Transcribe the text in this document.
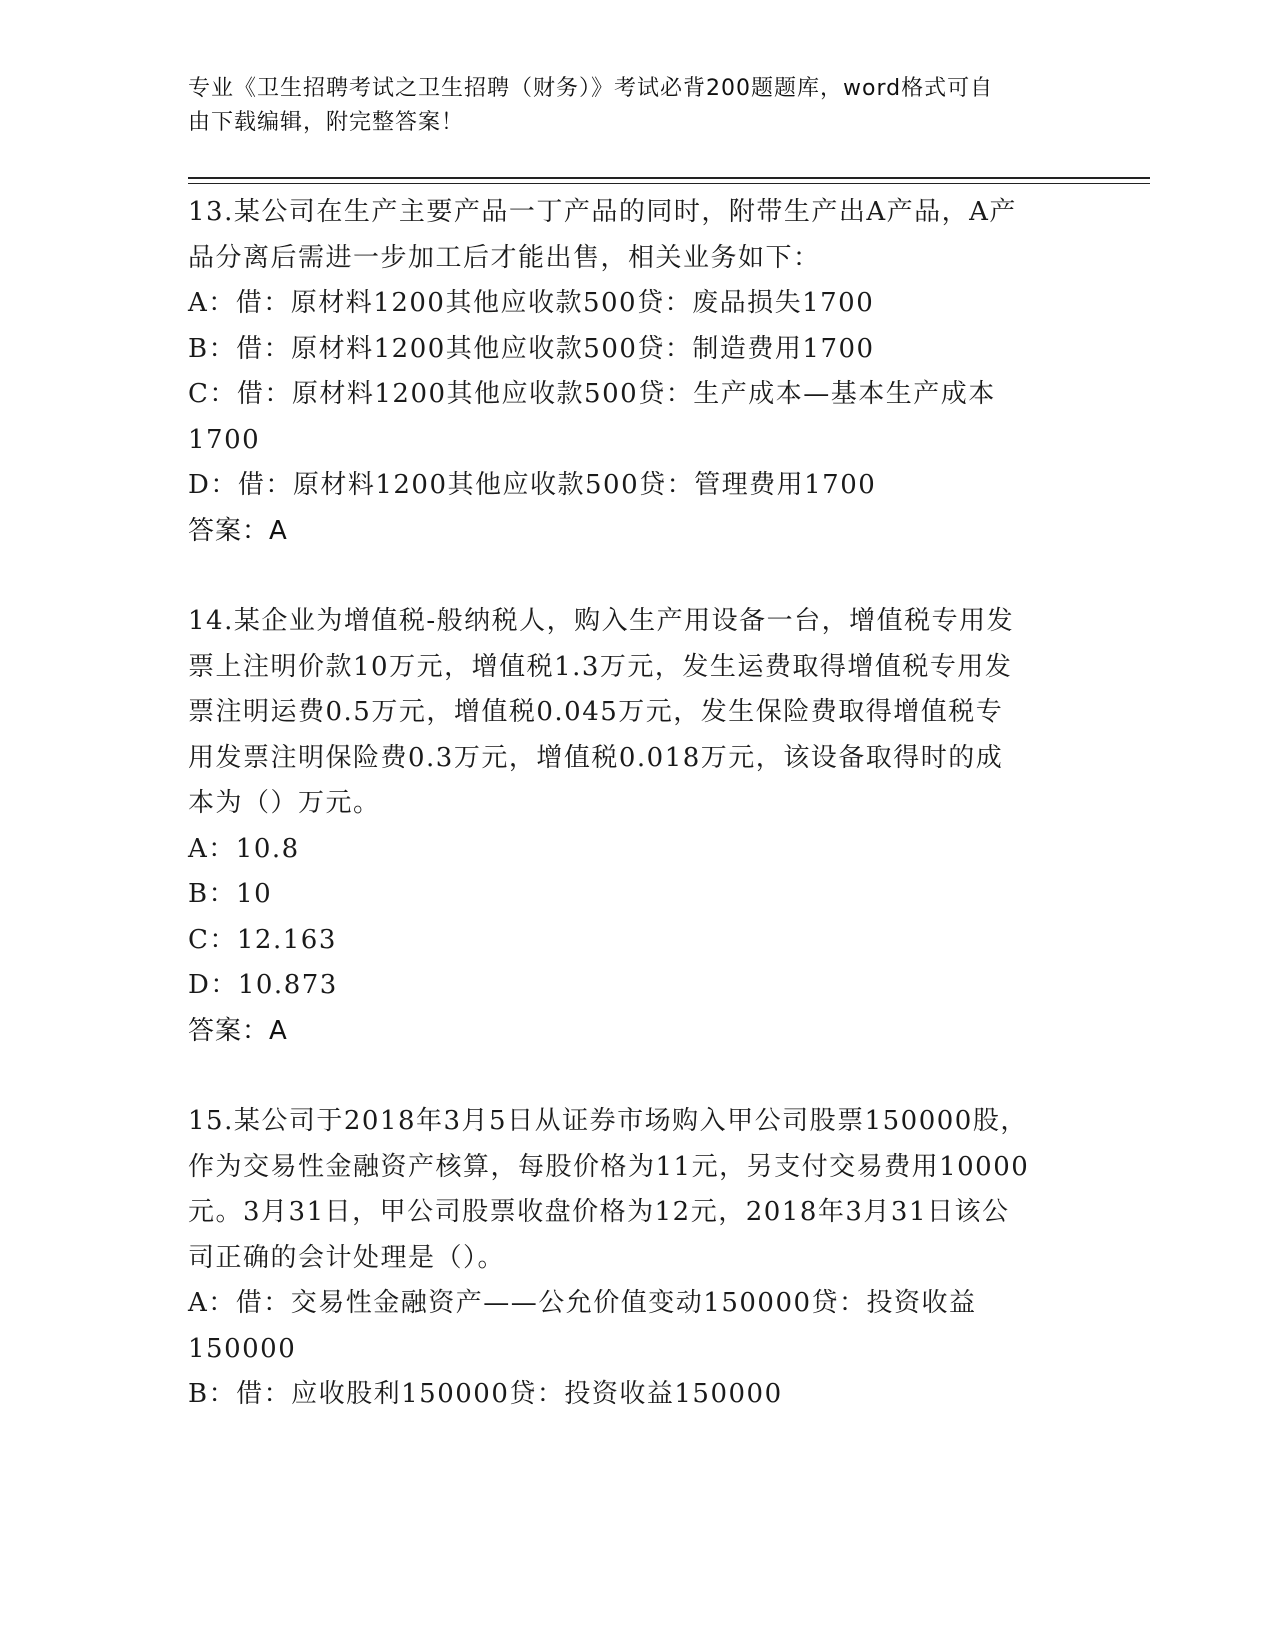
专业《卫生招聘考试之卫生招聘（财务）》考试必背200题题库，word格式可自
由下载编辑，附完整答案！
13.某公司在生产主要产品一丁产品的同时，附带生产出A产品，A产
品分离后需进一步加工后才能出售，相关业务如下：
A：借：原材料1200其他应收款500贷：废品损失1700
B：借：原材料1200其他应收款500贷：制造费用1700
C：借：原材料1200其他应收款500贷：生产成本—基本生产成本
1700
D：借：原材料1200其他应收款500贷：管理费用1700
答案：A
14.某企业为增值税-般纳税人，购入生产用设备一台，增值税专用发
票上注明价款10万元，增值税1.3万元，发生运费取得增值税专用发
票注明运费0.5万元，增值税0.045万元，发生保险费取得增值税专
用发票注明保险费0.3万元，增值税0.018万元，该设备取得时的成
本为（）万元。
A：10.8
B：10
C：12.163
D：10.873
答案：A
15.某公司于2018年3月5日从证券市场购入甲公司股票150000股，
作为交易性金融资产核算，每股价格为11元，另支付交易费用10000
元。3月31日，甲公司股票收盘价格为12元，2018年3月31日该公
司正确的会计处理是（）。
A：借：交易性金融资产——公允价值变动150000贷：投资收益
150000
B：借：应收股利150000贷：投资收益150000
